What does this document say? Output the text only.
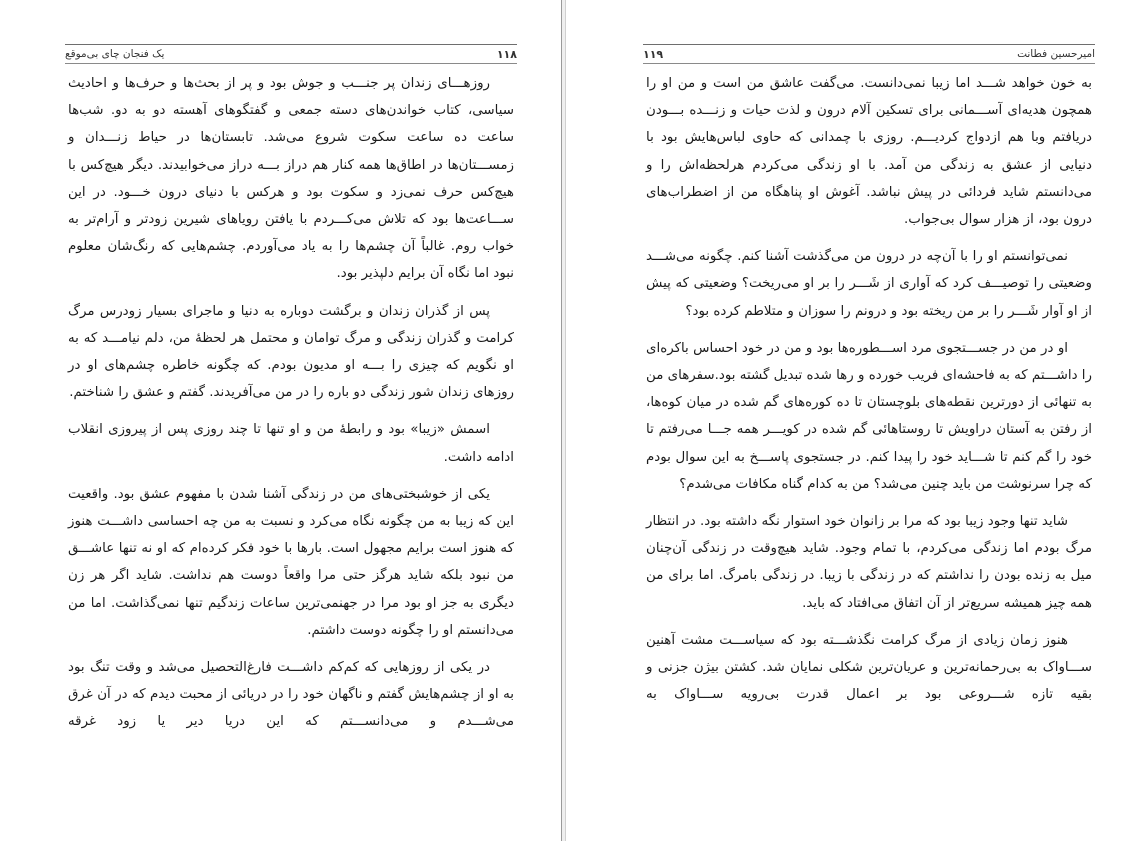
یک فنجان چای بی‌موقع	۱۱۸

روزهـــای زندان پر جنـــب و جوش بود و پر از بحث‌ها و حرف‌ها و احادیث سیاسی، کتاب خواندن‌های دسته جمعی و گفتگوهای آهسته دو به دو. شب‌ها ساعت ده ساعت سکوت شروع می‌شد. تابستان‌ها در حیاط زنـــدان و زمســـتان‌ها در اطاق‌ها همه کنار هم دراز بـــه دراز می‌خوابیدند. دیگر هیچ‌کس با هیچ‌کس حرف نمی‌زد و سکوت بود و هرکس با دنیای درون خـــود. در این ســـاعت‌ها بود که تلاش می‌کـــردم با یافتن رویاهای شیرین زودتر و آرام‌تر به خواب روم. غالباً آن چشم‌ها را به یاد می‌آوردم. چشم‌هایی که رنگ‌شان معلوم نبود اما نگاه آن برایم دلپذیر بود.

پس از گذران زندان و برگشت دوباره به دنیا و ماجرای بسیار زودرس مرگ کرامت و گذران زندگی و مرگ توامان و محتمل هر لحظهٔ من، دلم نیامـــد که به او نگویم که چیزی را بـــه او مدیون بودم. که چگونه خاطره چشم‌های او در روزهای زندان شور زندگی دو باره را در من می‌آفریدند. گفتم و عشق را شناختم.

اسمش «زیبا» بود و رابطهٔ من و او تنها تا چند روزی پس از پیروزی انقلاب ادامه داشت.

یکی از خوشبختی‌های من در زندگی آشنا شدن با مفهوم عشق بود. واقعیت این که زیبا به من چگونه نگاه می‌کرد و نسبت به من چه احساسی داشـــت هنوز که هنوز است برایم مجهول است. بارها با خود فکر کرده‌ام که او نه تنها عاشـــق من نبود بلکه شاید هرگز حتی مرا واقعاً دوست هم نداشت. شاید اگر هر زن دیگری به جز او بود مرا در جهنمی‌ترین ساعات زندگیم تنها نمی‌گذاشت. اما من می‌دانستم او را چگونه دوست داشتم.

در یکی از روزهایی که کم‌کم داشـــت فارغ‌التحصیل می‌شد و وقت تنگ بود به او از چشم‌هایش گفتم و ناگهان خود را در دریائی از محبت دیدم که در آن غرق می‌شـــدم و می‌دانســـتم که این دریا دیر یا زود غرقه

۱۱۹	امیرحسین فطانت

به خون خواهد شـــد اما زیبا نمی‌دانست. می‌گفت عاشق من است و من او را همچون هدیه‌ای آســـمانی برای تسکین آلام درون و لذت حیات و زنـــده بـــودن دریافتم وبا هم ازدواج کردیـــم. روزی با چمدانی که حاوی لباس‌هایش بود با دنیایی از عشق به زندگی من آمد. با او زندگی می‌کردم هرلحظه‌اش را و می‌دانستم شاید فردائی در پیش نباشد. آغوش او پناهگاه من از اضطراب‌های درون بود، از هزار سوال بی‌جواب.

نمی‌توانستم او را با آن‌چه در درون من می‌گذشت آشنا کنم. چگونه می‌شـــد وضعیتی را توصیـــف کرد که آواری از شَـــر را بر او می‌ریخت؟ وضعیتی که پیش از او آوار شَـــر را بر من ریخته بود و درونم را سوزان و متلاطم کرده بود؟

او در من در جســـتجوی مرد اســـطوره‌ها بود و من در خود احساس باکره‌ای را داشـــتم که به فاحشه‌ای فریب خورده و رها شده تبدیل گشته بود.سفرهای من به تنهائی از دورترین نقطه‌های بلوچستان تا ده کوره‌های گم شده در میان کوه‌ها، از رفتن به آستان دراویش تا روستاهائی گم شده در کویـــر همه جـــا می‌رفتم تا خود را گم کنم تا شـــاید خود را پیدا کنم. در جستجوی پاســـخ به این سوال بودم که چرا سرنوشت من باید چنین می‌شد؟ من به کدام گناه مکافات می‌شدم؟

شاید تنها وجود زیبا بود که مرا بر زانوان خود استوار نگه داشته بود. در انتظار مرگ بودم اما زندگی می‌کردم، با تمام وجود. شاید هیچ‌وقت در زندگی آن‌چنان میل به زنده بودن را نداشتم که در زندگی با زیبا. در زندگی بامرگ. اما برای من همه چیز همیشه سریع‌تر از آن اتفاق می‌افتاد که باید.

هنوز زمان زیادی از مرگ کرامت نگذشـــته بود که سیاســـت مشت آهنین ســـاواک به بی‌رحمانه‌ترین و عریان‌ترین شکلی نمایان شد. کشتن بیژن جزنی و بقیه تازه شـــروعی بود بر اعمال قدرت بی‌رویه ســـاواک به
